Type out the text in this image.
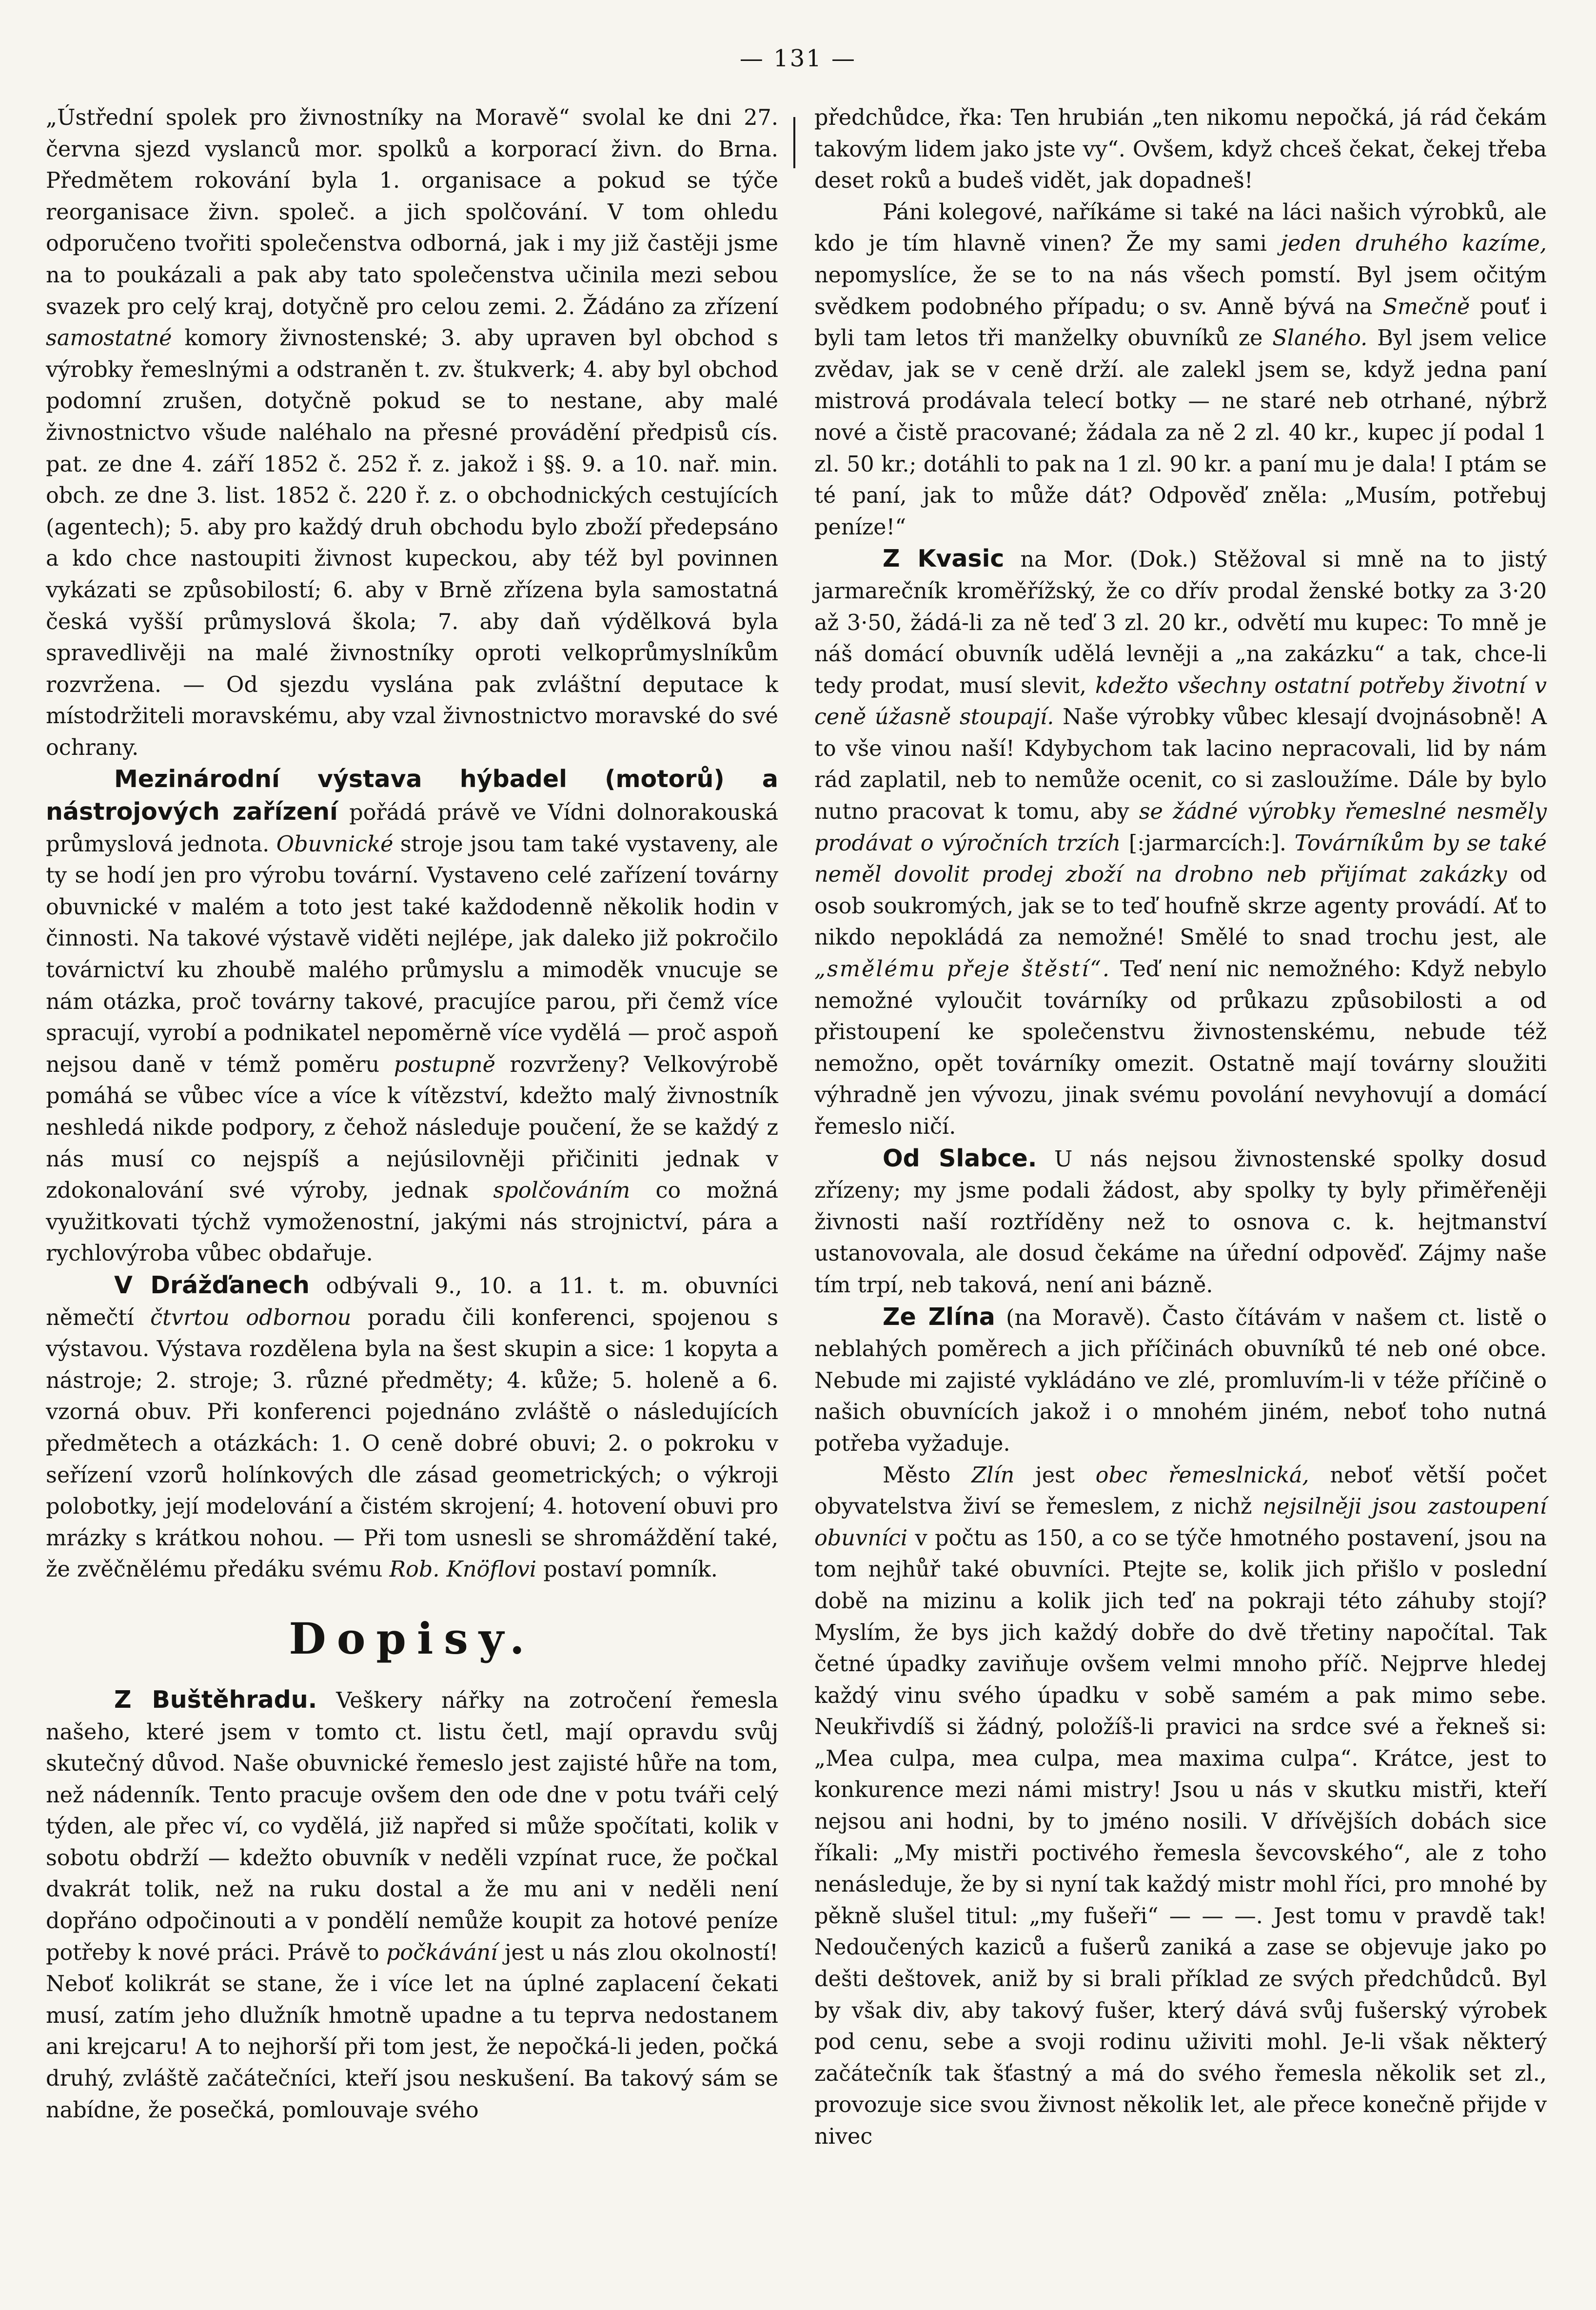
— 131 —

„Ústřední spolek pro živnostníky na Moravě“ svolal ke dni 27. června sjezd vyslanců mor. spolků a korporací živn. do Brna. Předmětem rokování byla 1. organisace a pokud se týče reorganisace živn. společ. a jich spolčování. V tom ohledu odporučeno tvořiti společenstva odborná, jak i my již častěji jsme na to poukázali a pak aby tato společenstva učinila mezi sebou svazek pro celý kraj, dotyčně pro celou zemi. 2. Žádáno za zřízení samostatné komory živnostenské; 3. aby upraven byl obchod s výrobky řemeslnými a odstraněn t. zv. štukverk; 4. aby byl obchod podomní zrušen, dotyčně pokud se to nestane, aby malé živnostnictvo všude naléhalo na přesné provádění předpisů cís. pat. ze dne 4. září 1852 č. 252 ř. z. jakož i §§. 9. a 10. nař. min. obch. ze dne 3. list. 1852 č. 220 ř. z. o obchodnických cestujících (agentech); 5. aby pro každý druh obchodu bylo zboží předepsáno a kdo chce nastoupiti živnost kupeckou, aby též byl povinnen vykázati se způsobilostí; 6. aby v Brně zřízena byla samostatná česká vyšší průmyslová škola; 7. aby daň výdělková byla spravedlivěji na malé živnostníky oproti velkoprůmyslníkům rozvržena. — Od sjezdu vyslána pak zvláštní deputace k místodržiteli moravskému, aby vzal živnostnictvo moravské do své ochrany.

Mezinárodní výstava hýbadel (motorů) a nástrojových zařízení pořádá právě ve Vídni dolnorakouská průmyslová jednota. Obuvnické stroje jsou tam také vystaveny, ale ty se hodí jen pro výrobu tovární. Vystaveno celé zařízení továrny obuvnické v malém a toto jest také každodenně několik hodin v činnosti. Na takové výstavě viděti nejlépe, jak daleko již pokročilo továrnictví ku zhoubě malého průmyslu a mimoděk vnucuje se nám otázka, proč továrny takové, pracujíce parou, při čemž více spracují, vyrobí a podnikatel nepoměrně více vydělá — proč aspoň nejsou daně v témž poměru postupně rozvrženy? Velkovýrobě pomáhá se vůbec více a více k vítězství, kdežto malý živnostník neshledá nikde podpory, z čehož následuje poučení, že se každý z nás musí co nejspíš a nejúsilovněji přičiniti jednak v zdokonalování své výroby, jednak spolčováním co možná využitkovati týchž vymoženostní, jakými nás strojnictví, pára a rychlovýroba vůbec obdařuje.

V Drážďanech odbývali 9., 10. a 11. t. m. obuvníci němečtí čtvrtou odbornou poradu čili konferenci, spojenou s výstavou. Výstava rozdělena byla na šest skupin a sice: 1 kopyta a nástroje; 2. stroje; 3. různé předměty; 4. kůže; 5. holeně a 6. vzorná obuv. Při konferenci pojednáno zvláště o následujících předmětech a otázkách: 1. O ceně dobré obuvi; 2. o pokroku v seřízení vzorů holínkových dle zásad geometrických; o výkroji polobotky, její modelování a čistém skrojení; 4. hotovení obuvi pro mrázky s krátkou nohou. — Při tom usnesli se shromáždění také, že zvěčnělému předáku svému Rob. Knöflovi postaví pomník.

Dopisy.

Z Buštěhradu. Veškery nářky na zotročení řemesla našeho, které jsem v tomto ct. listu četl, mají opravdu svůj skutečný důvod. Naše obuvnické řemeslo jest zajisté hůře na tom, než nádenník. Tento pracuje ovšem den ode dne v potu tváři celý týden, ale přec ví, co vydělá, již napřed si může spočítati, kolik v sobotu obdrží — kdežto obuvník v neděli vzpínat ruce, že počkal dvakrát tolik, než na ruku dostal a že mu ani v neděli není dopřáno odpočinouti a v pondělí nemůže koupit za hotové peníze potřeby k nové práci. Právě to počkávání jest u nás zlou okolností! Neboť kolikrát se stane, že i více let na úplné zaplacení čekati musí, zatím jeho dlužník hmotně upadne a tu teprva nedostanem ani krejcaru! A to nejhorší při tom jest, že nepočká-li jeden, počká druhý, zvláště začátečníci, kteří jsou neskušení. Ba takový sám se nabídne, že posečká, pomlouvaje svého

předchůdce, řka: Ten hrubián „ten nikomu nepočká, já rád čekám takovým lidem jako jste vy“. Ovšem, když chceš čekat, čekej třeba deset roků a budeš vidět, jak dopadneš!

Páni kolegové, naříkáme si také na láci našich výrobků, ale kdo je tím hlavně vinen? Že my sami jeden druhého kazíme, nepomyslíce, že se to na nás všech pomstí. Byl jsem očitým svědkem podobného případu; o sv. Anně bývá na Smečně pouť i byli tam letos tři manželky obuvníků ze Slaného. Byl jsem velice zvědav, jak se v ceně drží. ale zalekl jsem se, když jedna paní mistrová prodávala telecí botky — ne staré neb otrhané, nýbrž nové a čistě pracované; žádala za ně 2 zl. 40 kr., kupec jí podal 1 zl. 50 kr.; dotáhli to pak na 1 zl. 90 kr. a paní mu je dala! I ptám se té paní, jak to může dát? Odpověď zněla: „Musím, potřebuj peníze!“

Z Kvasic na Mor. (Dok.) Stěžoval si mně na to jistý jarmarečník kroměřížský, že co dřív prodal ženské botky za 3·20 až 3·50, žádá-li za ně teď 3 zl. 20 kr., odvětí mu kupec: To mně je náš domácí obuvník udělá levněji a „na zakázku“ a tak, chce-li tedy prodat, musí slevit, kdežto všechny ostatní potřeby životní v ceně úžasně stoupají. Naše výrobky vůbec klesají dvojnásobně! A to vše vinou naší! Kdybychom tak lacino nepracovali, lid by nám rád zaplatil, neb to nemůže ocenit, co si zasloužíme. Dále by bylo nutno pracovat k tomu, aby se žádné výrobky řemeslné nesměly prodávat o výročních trzích [:jarmarcích:]. Továrníkům by se také neměl dovolit prodej zboží na drobno neb přijímat zakázky od osob soukromých, jak se to teď houfně skrze agenty provádí. Ať to nikdo nepokládá za nemožné! Smělé to snad trochu jest, ale „smělému přeje štěstí“. Teď není nic nemožného: Když nebylo nemožné vyloučit továrníky od průkazu způsobilosti a od přistoupení ke společenstvu živnostenskému, nebude též nemožno, opět továrníky omezit. Ostatně mají továrny sloužiti výhradně jen vývozu, jinak svému povolání nevyhovují a domácí řemeslo ničí.

Od Slabce. U nás nejsou živnostenské spolky dosud zřízeny; my jsme podali žádost, aby spolky ty byly přiměřeněji živnosti naší roztříděny než to osnova c. k. hejtmanství ustanovovala, ale dosud čekáme na úřední odpověď. Zájmy naše tím trpí, neb taková, není ani bázně.

Ze Zlína (na Moravě). Často čítávám v našem ct. listě o neblahých poměrech a jich příčinách obuvníků té neb oné obce. Nebude mi zajisté vykládáno ve zlé, promluvím-li v téže příčině o našich obuvnících jakož i o mnohém jiném, neboť toho nutná potřeba vyžaduje.

Město Zlín jest obec řemeslnická, neboť větší počet obyvatelstva živí se řemeslem, z nichž nejsilněji jsou zastoupení obuvníci v počtu as 150, a co se týče hmotného postavení, jsou na tom nejhůř také obuvníci. Ptejte se, kolik jich přišlo v poslední době na mizinu a kolik jich teď na pokraji této záhuby stojí? Myslím, že bys jich každý dobře do dvě třetiny napočítal. Tak četné úpadky zaviňuje ovšem velmi mnoho příč. Nejprve hledej každý vinu svého úpadku v sobě samém a pak mimo sebe. Neukřivdíš si žádný, položíš-li pravici na srdce své a řekneš si: „Mea culpa, mea culpa, mea maxima culpa“. Krátce, jest to konkurence mezi námi mistry! Jsou u nás v skutku mistři, kteří nejsou ani hodni, by to jméno nosili. V dřívějších dobách sice říkali: „My mistři poctivého řemesla ševcovského“, ale z toho nenásleduje, že by si nyní tak každý mistr mohl říci, pro mnohé by pěkně slušel titul: „my fušeři“ — — —. Jest tomu v pravdě tak! Nedoučených kaziců a fušerů zaniká a zase se objevuje jako po dešti deštovek, aniž by si brali příklad ze svých předchůdců. Byl by však div, aby takový fušer, který dává svůj fušerský výrobek pod cenu, sebe a svoji rodinu uživiti mohl. Je-li však některý začátečník tak šťastný a má do svého řemesla několik set zl., provozuje sice svou živnost několik let, ale přece konečně přijde v nivec
